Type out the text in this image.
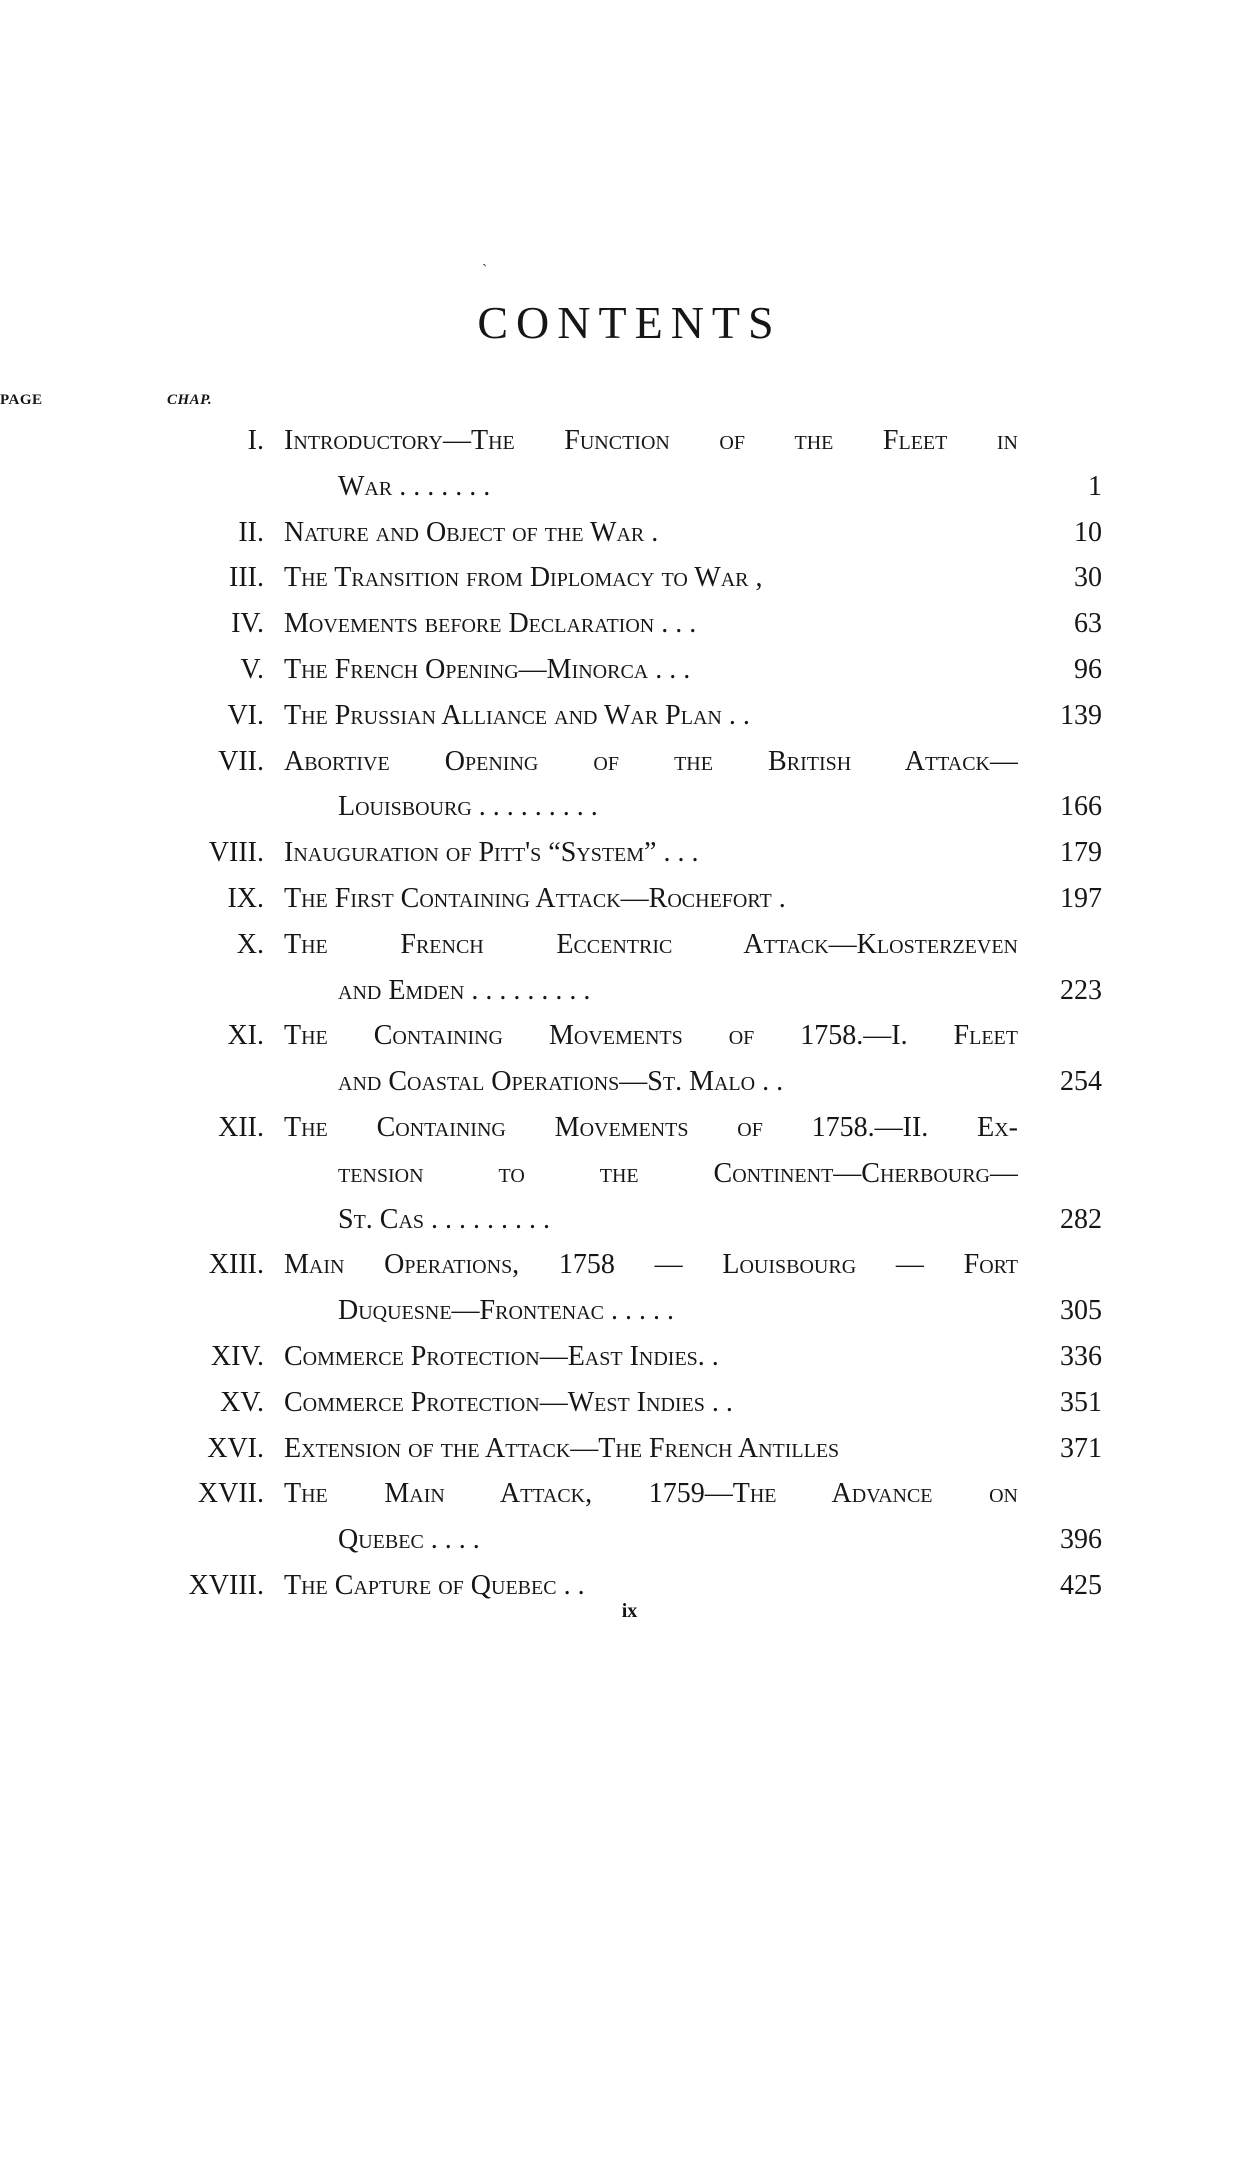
`
CONTENTS
CHAP.
PAGE
I. Introductory—The Function of the Fleet in
War . . . . . . .	1
II. Nature and Object of the War .	10
III. The Transition from Diplomacy to War ,	30
IV. Movements before Declaration . . .	63
V. The French Opening—Minorca . . .	96
VI. The Prussian Alliance and War Plan . .	139
VII. Abortive Opening of the British Attack—
Louisbourg . . . . . . . . .	166
VIII. Inauguration of Pitt's “System” . . .	179
IX. The First Containing Attack—Rochefort .	197
X. The French Eccentric Attack—Klosterzeven
and Emden . . . . . . . . .	223
XI. The Containing Movements of 1758.—I. Fleet
and Coastal Operations—St. Malo . .	254
XII. The Containing Movements of 1758.—II. Ex-
tension to the Continent—Cherbourg—
St. Cas . . . . . . . . .	282
XIII. Main Operations, 1758 — Louisbourg — Fort
Duquesne—Frontenac . . . . .	305
XIV. Commerce Protection—East Indies. .	336
XV. Commerce Protection—West Indies . .	351
XVI. Extension of the Attack—The French Antilles	371
XVII. The Main Attack, 1759—The Advance on
Quebec . . . .	396
XVIII. The Capture of Quebec . .	425
ix
